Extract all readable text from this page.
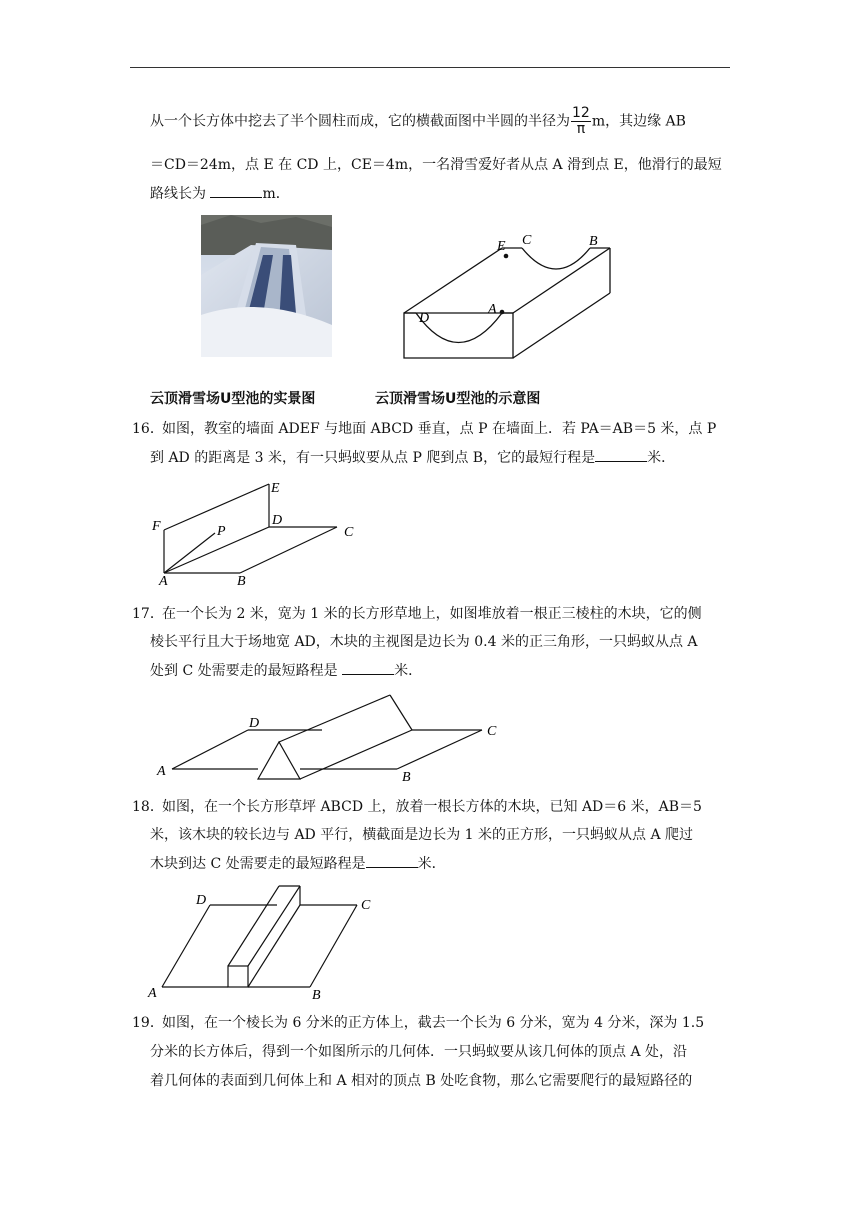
从一个长方体中挖去了半个圆柱而成，它的横截面图中半圆的半径为 $\frac{12}{\pi}$ m，其边缘 AB
＝CD＝24m，点 E 在 CD 上，CE＝4m，一名滑雪爱好者从点 A 滑到点 E，他滑行的最短
路线长为	m．
E C	B
A
D
云顶滑雪场U型池的实景图	云顶滑雪场U型池的示意图
16．
如图，教室的墙面 ADEF 与地面 ABCD 垂直，点 P 在墙面上．若 PA＝AB＝5 米，点 P
到 AD 的距离是 3 米，有一只蚂蚁要从点 P 爬到点 B，它的最短行程是	米．
E
F	P
D
C
A	B
17．
在一个长为 2 米，宽为 1 米的长方形草地上，如图堆放着一根正三棱柱的木块，它的侧
棱长平行且大于场地宽 AD，木块的主视图是边长为 0.4 米的正三角形，一只蚂蚁从点 A
处到 C 处需要走的最短路程是	米．
D
C
A	B
18．
如图，在一个长方形草坪 ABCD 上，放着一根长方体的木块，已知 AD＝6 米，AB＝5
米，该木块的较长边与 AD 平行，横截面是边长为 1 米的正方形，一只蚂蚁从点 A 爬过
木块到达 C 处需要走的最短路程是	米．
D	C
A	B
19．
如图，在一个棱长为 6 分米的正方体上，截去一个长为 6 分米，宽为 4 分米，深为 1.5
分米的长方体后，得到一个如图所示的几何体．一只蚂蚁要从该几何体的顶点 A 处，沿
着几何体的表面到几何体上和 A 相对的顶点 B 处吃食物，那么它需要爬行的最短路径的
